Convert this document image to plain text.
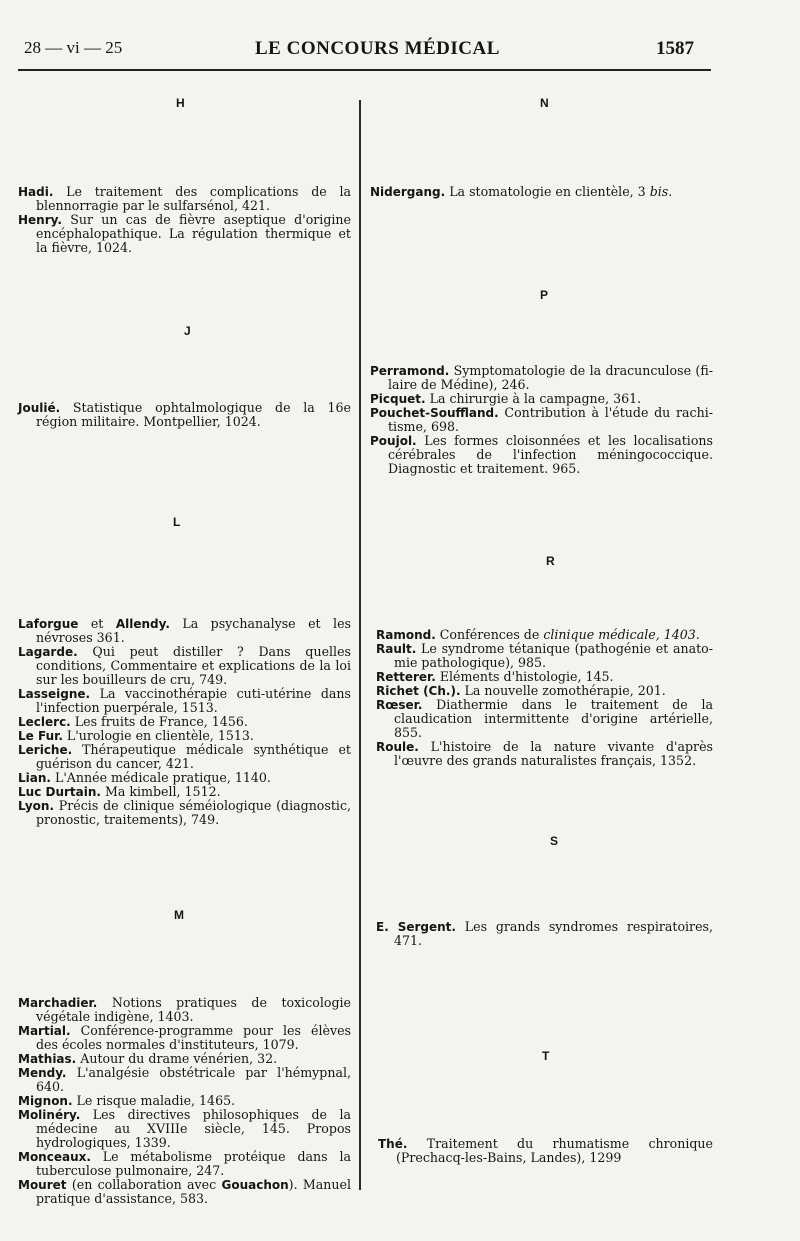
28 — vi — 25	LE CONCOURS MÉDICAL	1587
H

Hadi. Le traitement des complications de la blennorragie par le sulfarsénol, 421.

Henry. Sur un cas de fièvre aseptique d'origine encéphalopathique. La régulation thermique et la fièvre, 1024.

J

Joulié. Statistique ophtalmologique de la 16e région militaire. Montpellier, 1024.

L

Laforgue et Allendy. La psychanalyse et les névroses 361.

Lagarde. Qui peut distiller ? Dans quelles conditions, Commentaire et explications de la loi sur les bouilleurs de cru, 749.

Lasseigne. La vaccinothérapie cuti-utérine dans l'infection puerpérale, 1513.

Leclerc. Les fruits de France, 1456.

Le Fur. L'urologie en clientèle, 1513.

Leriche. Thérapeutique médicale synthétique et guérison du cancer, 421.

Lian. L'Année médicale pratique, 1140.

Luc Durtain. Ma kimbell, 1512.

Lyon. Précis de clinique séméiologique (diagnostic, pronostic, traitements), 749.

M

Marchadier. Notions pratiques de toxicologie végétale indigène, 1403.

Martial. Conférence-programme pour les élèves des écoles normales d'instituteurs, 1079.

Mathias. Autour du drame vénérien, 32.

Mendy. L'analgésie obstétricale par l'hémypnal, 640.

Mignon. Le risque maladie, 1465.

Molinéry. Les directives philosophiques de la médecine au XVIIIe siècle, 145. Propos hydrologiques, 1339.

Monceaux. Le métabolisme protéique dans la tuberculose pulmonaire, 247.

Mouret (en collaboration avec Gouachon). Manuel pratique d'assistance, 583.

N

Nidergang. La stomatologie en clientèle, 3 bis.

P

Perramond. Symptomatologie de la dracunculose (filaire de Médine), 246.

Picquet. La chirurgie à la campagne, 361.

Pouchet-Souffland. Contribution à l'étude du rachitisme, 698.

Poujol. Les formes cloisonnées et les localisations cérébrales de l'infection méningococcique. Diagnostic et traitement. 965.

R

Ramond. Conférences de clinique médicale, 1403.

Rault. Le syndrome tétanique (pathogénie et anatomie pathologique), 985.

Retterer. Eléments d'histologie, 145.

Richet (Ch.). La nouvelle zomothérapie, 201.

Rœser. Diathermie dans le traitement de la claudication intermittente d'origine artérielle, 855.

Roule. L'histoire de la nature vivante d'après l'œuvre des grands naturalistes français, 1352.

S

E. Sergent. Les grands syndromes respiratoires, 471.

T

Thé. Traitement du rhumatisme chronique (Prechacq-les-Bains, Landes), 1299
